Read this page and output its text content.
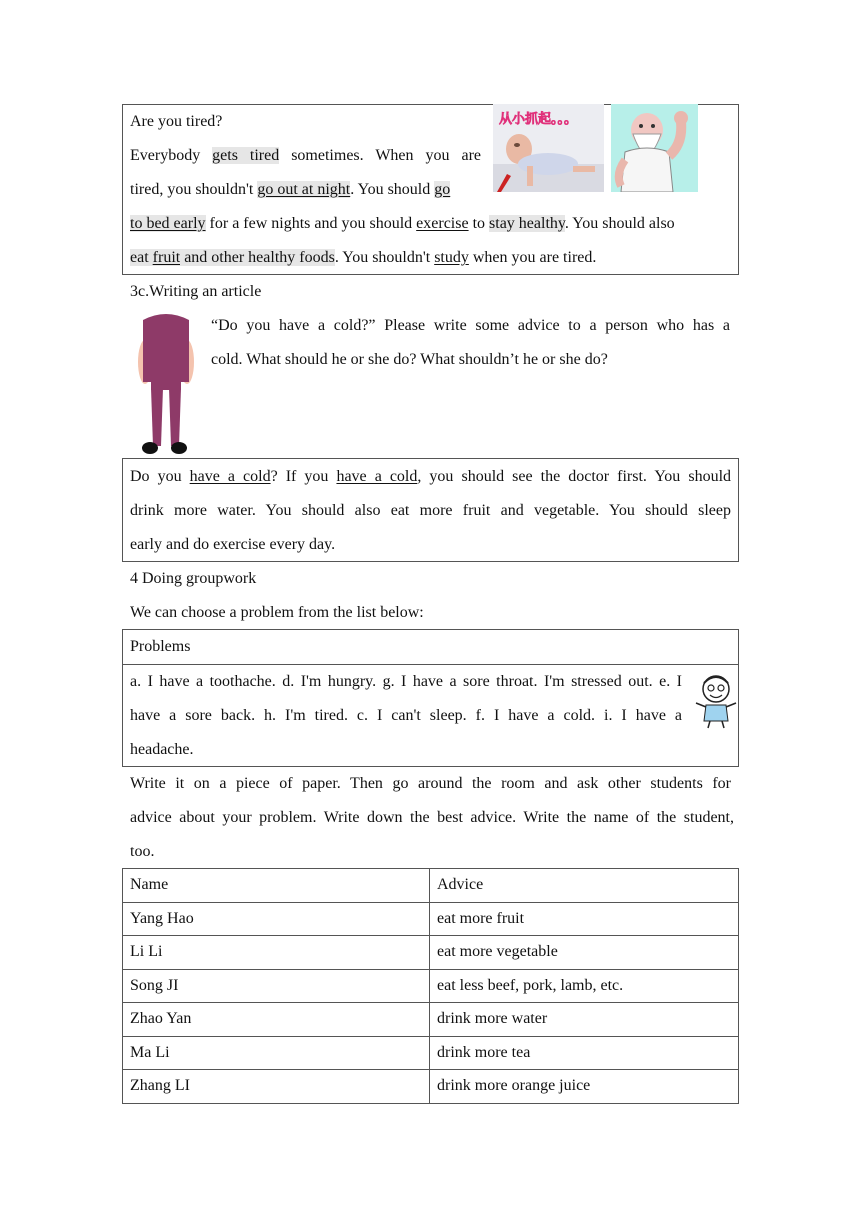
Are you tired?
Everybody gets tired sometimes. When you are
tired, you shouldn't go out at night. You should go
to bed early for a few nights and you should exercise to stay healthy. You should also
eat fruit and other healthy foods. You shouldn't study when you are tired.
从小抓起。。。
3c.Writing an article
“Do you have a cold?” Please write some advice to a person who has a
cold. What should he or she do? What shouldn’t he or she do?
Do you have a cold? If you have a cold, you should see the doctor first. You should
drink more water. You should also eat more fruit and vegetable. You should sleep
early and do exercise every day.
4 Doing groupwork
We can choose a problem from the list below:
Problems
a. I have a toothache. d. I'm hungry. g. I have a sore throat. I'm stressed out. e. I
have a sore back. h. I'm tired. c. I can't sleep. f. I have a cold. i. I have a
headache.
Write it on a piece of paper. Then go around the room and ask other students for
advice about your problem. Write down the best advice. Write the name of the student,
too.
Name	Advice
Yang Hao	eat more fruit
Li Li	eat more vegetable
Song JI	eat less beef, pork, lamb, etc.
Zhao Yan	drink more water
Ma Li	drink more tea
Zhang LI	drink more orange juice
